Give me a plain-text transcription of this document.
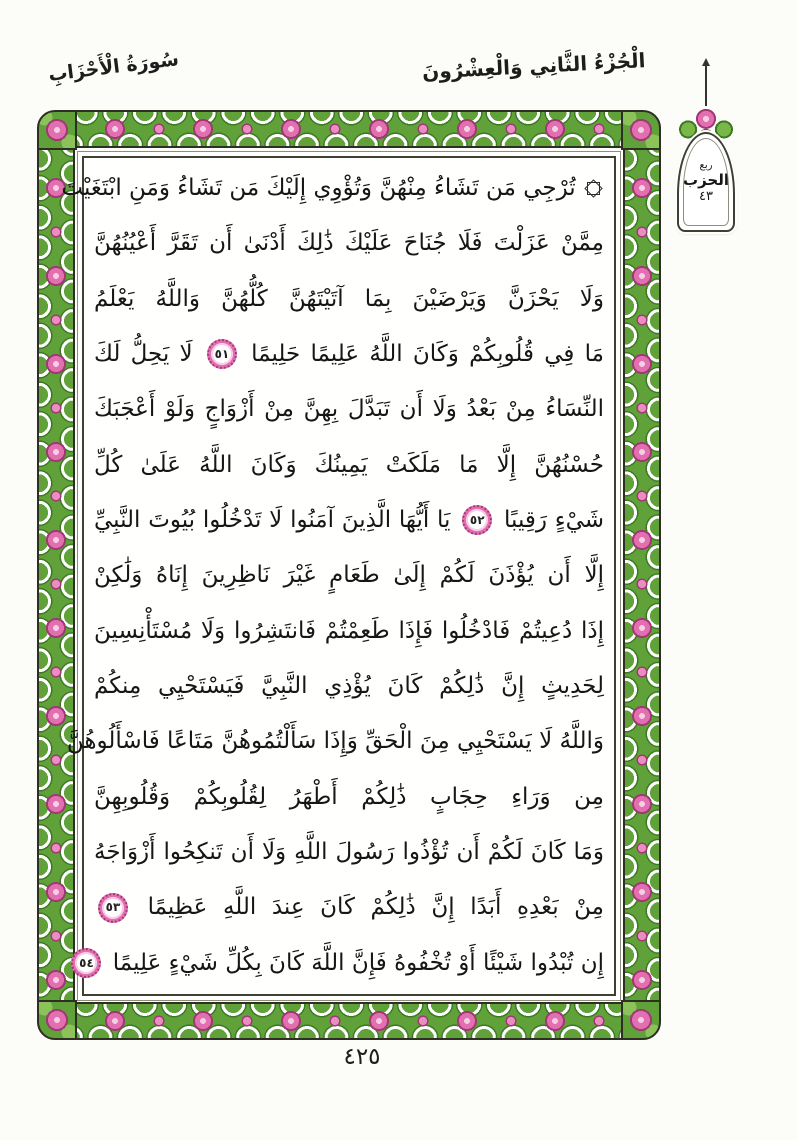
سُورَةُ الْأَحْزَابِ	الْجُزْءُ الثَّانِي وَالْعِشْرُونَ
ربع
الحزب
٤٣
تُرْجِي مَن تَشَاءُ مِنْهُنَّ وَتُؤْوِي إِلَيْكَ مَن تَشَاءُ وَمَنِ ابْتَغَيْتَ
مِمَّنْ عَزَلْتَ فَلَا جُنَاحَ عَلَيْكَ ذَٰلِكَ أَدْنَىٰ أَن تَقَرَّ أَعْيُنُهُنَّ
وَلَا يَحْزَنَّ وَيَرْضَيْنَ بِمَا آتَيْتَهُنَّ كُلُّهُنَّ وَاللَّهُ يَعْلَمُ
مَا فِي قُلُوبِكُمْ وَكَانَ اللَّهُ عَلِيمًا حَلِيمًا ٥١ لَا يَحِلُّ لَكَ
النِّسَاءُ مِنْ بَعْدُ وَلَا أَن تَبَدَّلَ بِهِنَّ مِنْ أَزْوَاجٍ وَلَوْ أَعْجَبَكَ
حُسْنُهُنَّ إِلَّا مَا مَلَكَتْ يَمِينُكَ وَكَانَ اللَّهُ عَلَىٰ كُلِّ
شَيْءٍ رَقِيبًا ٥٢ يَا أَيُّهَا الَّذِينَ آمَنُوا لَا تَدْخُلُوا بُيُوتَ النَّبِيِّ
إِلَّا أَن يُؤْذَنَ لَكُمْ إِلَىٰ طَعَامٍ غَيْرَ نَاظِرِينَ إِنَاهُ وَلَٰكِنْ
إِذَا دُعِيتُمْ فَادْخُلُوا فَإِذَا طَعِمْتُمْ فَانتَشِرُوا وَلَا مُسْتَأْنِسِينَ
لِحَدِيثٍ إِنَّ ذَٰلِكُمْ كَانَ يُؤْذِي النَّبِيَّ فَيَسْتَحْيِي مِنكُمْ
وَاللَّهُ لَا يَسْتَحْيِي مِنَ الْحَقِّ وَإِذَا سَأَلْتُمُوهُنَّ مَتَاعًا فَاسْأَلُوهُنَّ
مِن وَرَاءِ حِجَابٍ ذَٰلِكُمْ أَطْهَرُ لِقُلُوبِكُمْ وَقُلُوبِهِنَّ
وَمَا كَانَ لَكُمْ أَن تُؤْذُوا رَسُولَ اللَّهِ وَلَا أَن تَنكِحُوا أَزْوَاجَهُ
مِنْ بَعْدِهِ أَبَدًا إِنَّ ذَٰلِكُمْ كَانَ عِندَ اللَّهِ عَظِيمًا ٥٣
إِن تُبْدُوا شَيْئًا أَوْ تُخْفُوهُ فَإِنَّ اللَّهَ كَانَ بِكُلِّ شَيْءٍ عَلِيمًا ٥٤
٤٢٥
